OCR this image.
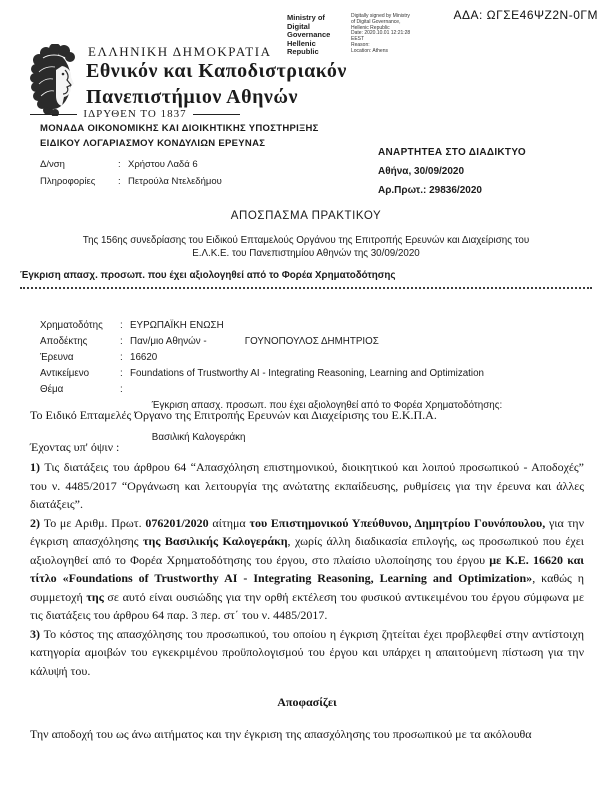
ΑΔΑ: ΩΓΣΕ46ΨΖ2Ν-0ΓΜ
Ministry of Digital
Governance
Hellenic Republic
Digitally signed by Ministry
of Digital Governance,
Hellenic Republic
Date: 2020.10.01 12:21:28
EEST
Reason:
Location: Athens
ΕΛΛΗΝΙΚΗ ΔΗΜΟΚΡΑΤΙΑ
Εθνικόν και Καποδιστριακόν
Πανεπιστήμιον Αθηνών
ΙΔΡΥΘΕΝ ΤΟ 1837
ΜΟΝΑΔΑ ΟΙΚΟΝΟΜΙΚΗΣ ΚΑΙ ΔΙΟΙΚΗΤΙΚΗΣ ΥΠΟΣΤΗΡΙΞΗΣ
ΕΙΔΙΚΟΥ ΛΟΓΑΡΙΑΣΜΟΥ ΚΟΝΔΥΛΙΩΝ ΕΡΕΥΝΑΣ
Δ/νση	: Χρήστου Λαδά 6
Πληροφορίες	: Πετρούλα Ντελεδήμου
ΑΝΑΡΤΗΤΕΑ ΣΤΟ ΔΙΑΔΙΚΤΥΟ
Αθήνα, 30/09/2020
Αρ.Πρωτ.: 29836/2020
ΑΠΟΣΠΑΣΜΑ ΠΡΑΚΤΙΚΟΥ
Της 156ης συνεδρίασης του Ειδικού Επταμελούς Οργάνου της Επιτροπής Ερευνών και Διαχείρισης του
Ε.Λ.Κ.Ε. του Πανεπιστημίου Αθηνών της 30/09/2020
Έγκριση απασχ. προσωπ. που έχει αξιολογηθεί από το Φορέα Χρηματοδότησης
Χρηματοδότης	: ΕΥΡΩΠΑΪΚΗ ΕΝΩΣΗ
Αποδέκτης	: Παν/μιο Αθηνών -	ΓΟΥΝΟΠΟΥΛΟΣ ΔΗΜΗΤΡΙΟΣ
Έρευνα	: 16620
Αντικείμενο	: Foundations of Trustworthy AI - Integrating Reasoning, Learning and Optimization
Θέμα	:

Έγκριση απασχ. προσωπ. που έχει αξιολογηθεί από το Φορέα Χρηματοδότησης:

Βασιλική Καλογεράκη

Το Ειδικό Επταμελές Όργανο της Επιτροπής Ερευνών και Διαχείρισης του Ε.Κ.Π.Α.

Έχοντας υπ' όψιν :

1) Τις διατάξεις του άρθρου 64 “Απασχόληση επιστημονικού, διοικητικού και λοιπού προσωπικού - Αποδοχές” του ν. 4485/2017 “Οργάνωση και λειτουργία της ανώτατης εκπαίδευσης, ρυθμίσεις για την έρευνα και άλλες διατάξεις”.

2) Το με Αριθμ. Πρωτ. 076201/2020 αίτημα του Επιστημονικού Υπεύθυνου, Δημητρίου Γουνόπουλου, για την έγκριση απασχόλησης της Βασιλικής Καλογεράκη, χωρίς άλλη διαδικασία επιλογής, ως προσωπικού που έχει αξιολογηθεί από το Φορέα Χρηματοδότησης του έργου, στο πλαίσιο υλοποίησης του έργου με Κ.Ε. 16620 και τίτλο «Foundations of Trustworthy AI - Integrating Reasoning, Learning and Optimization», καθώς η συμμετοχή της σε αυτό είναι ουσιώδης για την ορθή εκτέλεση του φυσικού αντικειμένου του έργου σύμφωνα με τις διατάξεις του άρθρου 64 παρ. 3 περ. στ΄ του ν. 4485/2017.

3) Το κόστος της απασχόλησης του προσωπικού, του οποίου η έγκριση ζητείται έχει προβλεφθεί στην αντίστοιχη κατηγορία αμοιβών του εγκεκριμένου προϋπολογισμού του έργου και υπάρχει η απαιτούμενη πίστωση για την κάλυψή του.

Αποφασίζει

Την αποδοχή του ως άνω αιτήματος και την έγκριση της απασχόλησης του προσωπικού με τα ακόλουθα
